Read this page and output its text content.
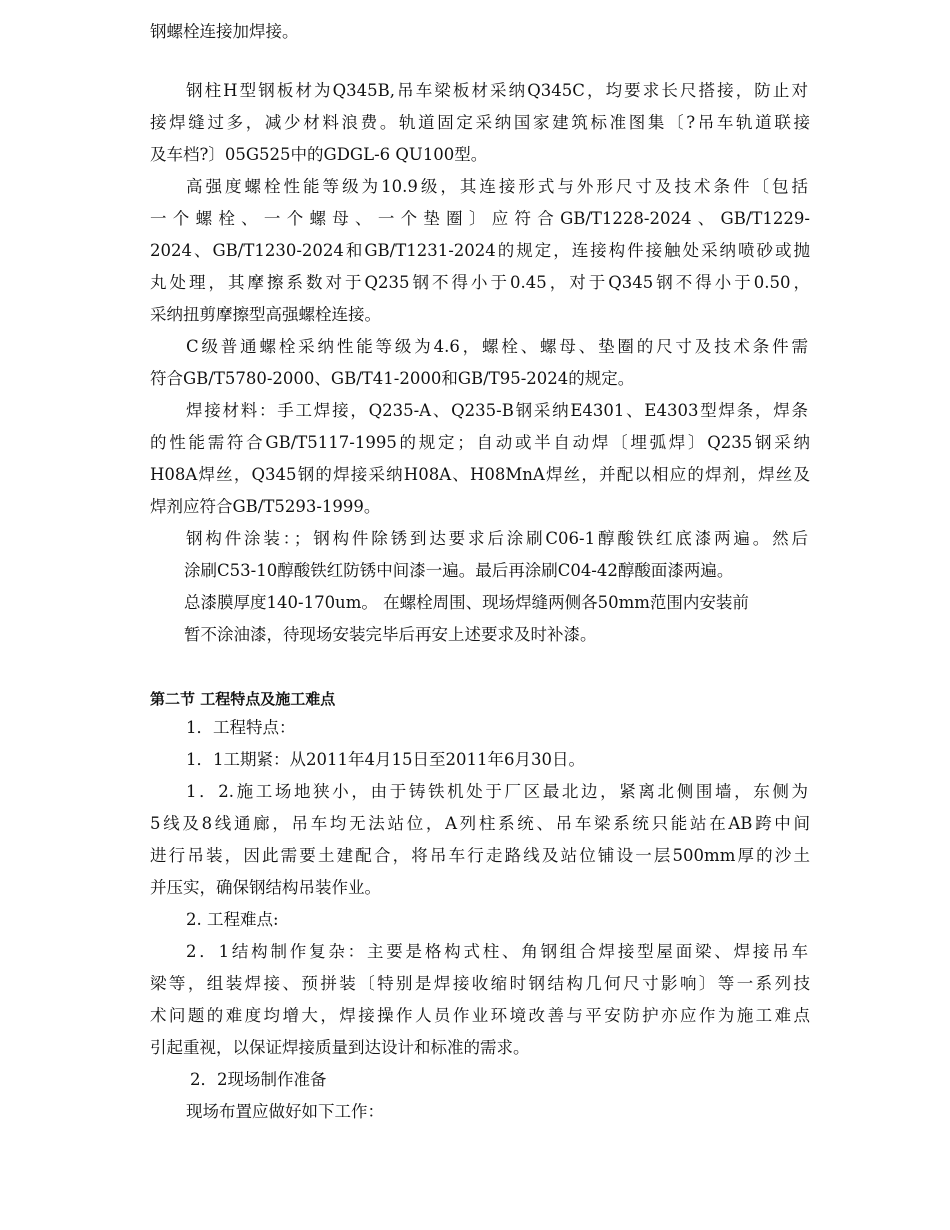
钢螺栓连接加焊接。
钢柱H型钢板材为Q345B,吊车梁板材采纳Q345C，均要求长尺搭接，防止对
接焊缝过多，减少材料浪费。轨道固定采纳国家建筑标准图集〔?吊车轨道联接
及车档?〕05G525中的GDGL-6 QU100型。
高强度螺栓性能等级为10.9级，其连接形式与外形尺寸及技术条件〔包括
一个螺栓、一个螺母、一个垫圈〕应符合GB/T1228-2024、GB/T1229-
2024、GB/T1230-2024和GB/T1231-2024的规定，连接构件接触处采纳喷砂或抛
丸处理，其摩擦系数对于Q235钢不得小于0.45，对于Q345钢不得小于0.50，
采纳扭剪摩擦型高强螺栓连接。
C级普通螺栓采纳性能等级为4.6，螺栓、螺母、垫圈的尺寸及技术条件需
符合GB/T5780-2000、GB/T41-2000和GB/T95-2024的规定。
焊接材料：手工焊接，Q235-A、Q235-B钢采纳E4301、E4303型焊条，焊条
的性能需符合GB/T5117-1995的规定；自动或半自动焊〔埋弧焊〕Q235钢采纳
H08A焊丝，Q345钢的焊接采纳H08A、H08MnA焊丝，并配以相应的焊剂，焊丝及
焊剂应符合GB/T5293-1999。
钢构件涂装：；钢构件除锈到达要求后涂刷C06-1醇酸铁红底漆两遍。然后
涂刷C53-10醇酸铁红防锈中间漆一遍。最后再涂刷C04-42醇酸面漆两遍。
总漆膜厚度140-170um。 在螺栓周围、现场焊缝两侧各50mm范围内安装前
暂不涂油漆，待现场安装完毕后再安上述要求及时补漆。
第二节 工程特点及施工难点
1．工程特点：
1．1工期紧：从2011年4月15日至2011年6月30日。
1．2.施工场地狭小，由于铸铁机处于厂区最北边，紧离北侧围墙，东侧为
5线及8线通廊，吊车均无法站位，A列柱系统、吊车梁系统只能站在AB跨中间
进行吊装，因此需要土建配合，将吊车行走路线及站位铺设一层500mm厚的沙土
并压实，确保钢结构吊装作业。
2. 工程难点:
2．1结构制作复杂：主要是格构式柱、角钢组合焊接型屋面梁、焊接吊车
梁等，组装焊接、预拼装〔特别是焊接收缩时钢结构几何尺寸影响〕等一系列技
术问题的难度均增大，焊接操作人员作业环境改善与平安防护亦应作为施工难点
引起重视，以保证焊接质量到达设计和标准的需求。
2．2现场制作准备
现场布置应做好如下工作：
